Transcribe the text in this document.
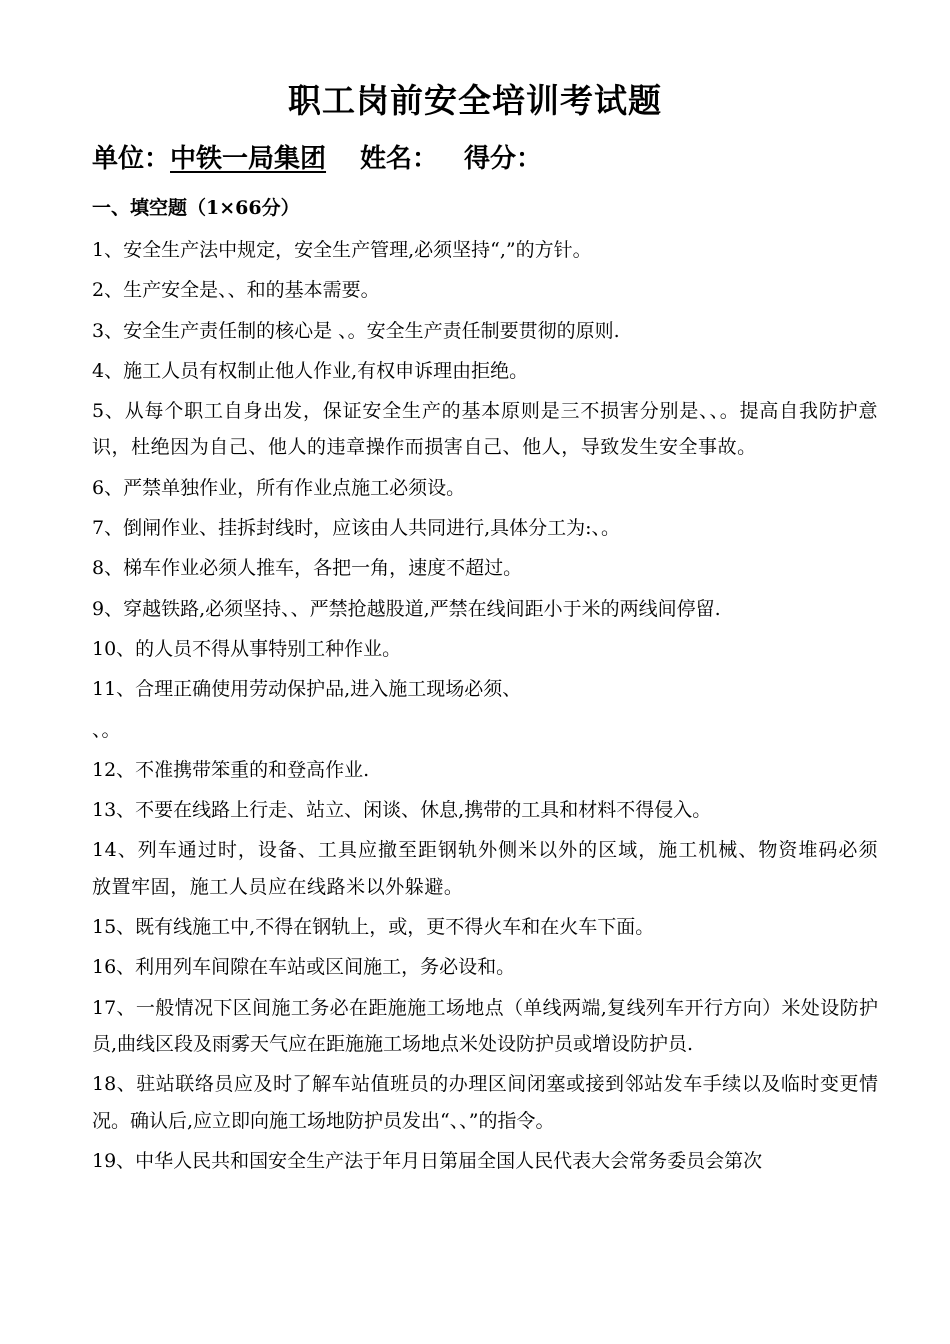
职工岗前安全培训考试题
单位：中铁一局集团 姓名： 得分：
一、填空题（1×66分）

1、安全生产法中规定，安全生产管理,必须坚持“,”的方针。

2、生产安全是、、和的基本需要。

3、安全生产责任制的核心是 、。安全生产责任制要贯彻的原则.

4、施工人员有权制止他人作业,有权申诉理由拒绝。

5、从每个职工自身出发，保证安全生产的基本原则是三不损害分别是、、。提高自我防护意识，杜绝因为自己、他人的违章操作而损害自己、他人，导致发生安全事故。

6、严禁单独作业，所有作业点施工必须设。

7、倒闸作业、挂拆封线时，应该由人共同进行,具体分工为:、。

8、梯车作业必须人推车，各把一角，速度不超过。

9、穿越铁路,必须坚持、、严禁抢越股道,严禁在线间距小于米的两线间停留.

10、的人员不得从事特别工种作业。

11、合理正确使用劳动保护品,进入施工现场必须、

、。

12、不准携带笨重的和登高作业.

13、不要在线路上行走、站立、闲谈、休息,携带的工具和材料不得侵入。

14、列车通过时，设备、工具应撤至距钢轨外侧米以外的区域，施工机械、物资堆码必须放置牢固，施工人员应在线路米以外躲避。

15、既有线施工中,不得在钢轨上，或，更不得火车和在火车下面。

16、利用列车间隙在车站或区间施工，务必设和。

17、一般情况下区间施工务必在距施施工场地点（单线两端,复线列车开行方向）米处设防护员,曲线区段及雨雾天气应在距施施工场地点米处设防护员或增设防护员.

18、驻站联络员应及时了解车站值班员的办理区间闭塞或接到邻站发车手续以及临时变更情况。确认后,应立即向施工场地防护员发出“、、”的指令。

19、中华人民共和国安全生产法于年月日第届全国人民代表大会常务委员会第次
